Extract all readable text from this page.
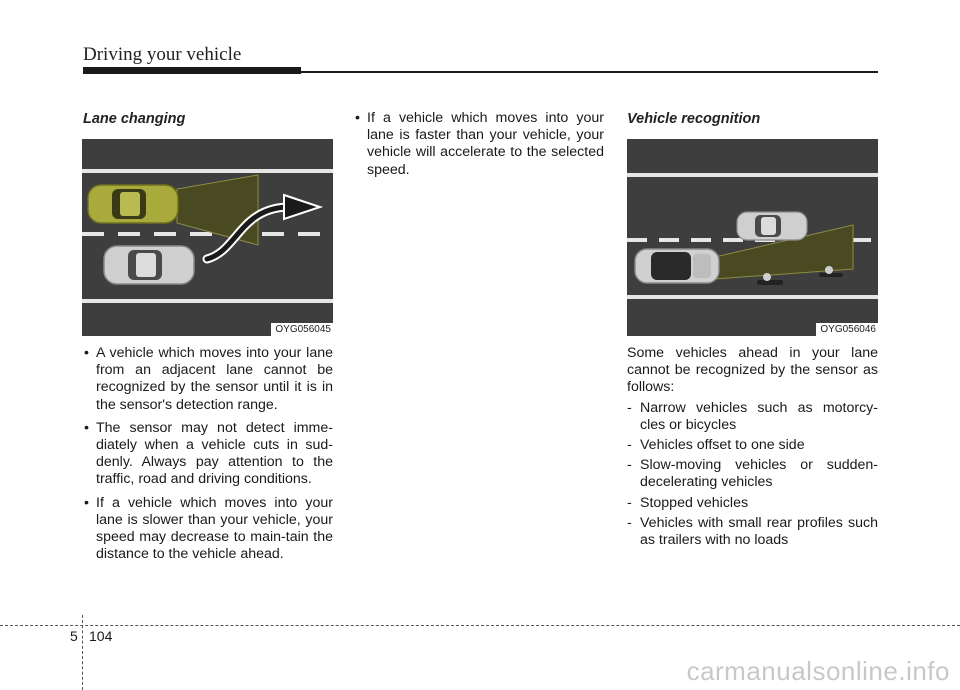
Driving your vehicle
Lane changing
OYG056045
• A vehicle which moves into your lane from an adjacent lane cannot be recognized by the sensor until it is in the sensor's detection range.
• The sensor may not detect imme-diately when a vehicle cuts in sud-denly. Always pay attention to the traffic, road and driving conditions.
• If a vehicle which moves into your lane is slower than your vehicle, your speed may decrease to main-tain the distance to the vehicle ahead.
• If a vehicle which moves into your lane is faster than your vehicle, your vehicle will accelerate to the selected speed.
Vehicle recognition
OYG056046

Some vehicles ahead in your lane cannot be recognized by the sensor as follows:

- Narrow vehicles such as motorcy-cles or bicycles
- Vehicles offset to one side
- Slow-moving vehicles or sudden-decelerating vehicles
- Stopped vehicles
- Vehicles with small rear profiles such as trailers with no loads
5 104
carmanualsonline.info
